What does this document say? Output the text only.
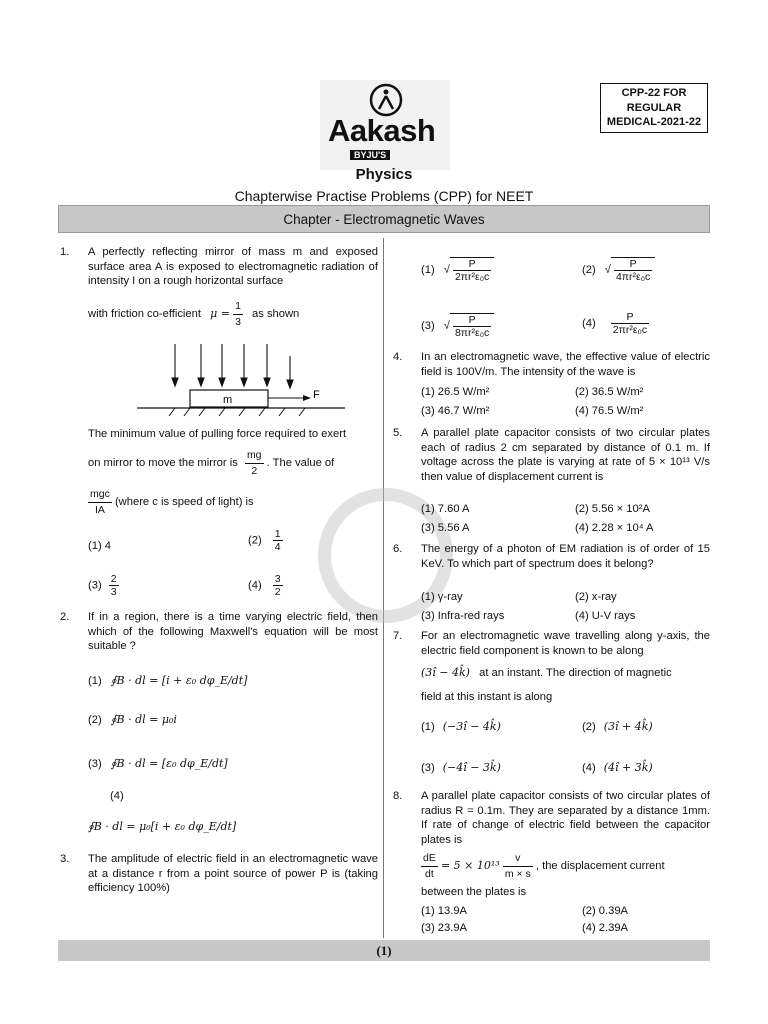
Aakash
BYJU'S
CPP-22 FOR
REGULAR
MEDICAL-2021-22
Physics
Chapterwise Practise Problems (CPP) for NEET
Chapter - Electromagnetic Waves
1. A perfectly reflecting mirror of mass m and exposed surface area A is exposed to electromagnetic radiation of intensity I on a rough horizontal surface
with friction co-efficient $\mu = \frac{1}{3}$ as shown
m	F
The minimum value of pulling force required to exert
on mirror to move the mirror is $\frac{mg}{2}$ . The value of
$\frac{\text{mgc}}{IA}$ (where c is speed of light) is
(1) 4	$(2) \frac{1}{4}$
$(3) \frac{2}{3}$	$(4) \frac{3}{2}$
2. If in a region, there is a time varying electric field, then which of the following Maxwell's equation will be most suitable ?
(1) ∮B · dl = [i + ε₀ dφ_E/dt]
(2) ∮B · dl = μ₀i
(3) ∮B · dl = [ε₀ dφ_E/dt]
(4)
∮B · dl = μ₀[i + ε₀ dφ_E/dt]
3. The amplitude of electric field in an electromagnetic wave at a distance r from a point source of power P is (taking efficiency 100%)
(1) √ $\frac{P}{\text{2πr²ε₀c}}$	(2) √ $\frac{P}{\text{4πr²ε₀c}}$
(3) √ $\frac{P}{\text{8πr²ε₀c}}$	$(4) \frac{P}{\text{2πr²ε₀c}}$
4. In an electromagnetic wave, the effective value of electric field is 100V/m. The intensity of the wave is
(1) 26.5 W/m²	(2) 36.5 W/m²
(3) 46.7 W/m²	(4) 76.5 W/m²
5. A parallel plate capacitor consists of two circular plates each of radius 2 cm separated by distance of 0.1 m. If voltage across the plate is varying at rate of 5 × 10¹³ V/s then value of displacement current is
(1) 7.60 A	(2) 5.56 × 10²A
(3) 5.56 A	(4) 2.28 × 10⁴ A
6. The energy of a photon of EM radiation is of order of 15 KeV. To which part of spectrum does it belong?
(1) γ-ray	(2) x-ray
(3) Infra-red rays	(4) U-V rays
7. For an electromagnetic wave travelling along y-axis, the electric field component is known to be along
(3î − 4k̂) at an instant. The direction of magnetic
field at this instant is along
(1) (−3î − 4k̂)	(2) (3î + 4k̂)
(3) (−4î − 3k̂)	(4) (4î + 3k̂)
8. A parallel plate capacitor consists of two circular plates of radius R = 0.1m. They are separated by a distance 1mm. If rate of change of electric field between the capacitor plates is
$\frac{dE}{dt} = 5 \times 10^{13} \frac{v}{m \times s}$ , the displacement current
between the plates is
(1) 13.9A	(2) 0.39A
(3) 23.9A	(4) 2.39A
(1)
